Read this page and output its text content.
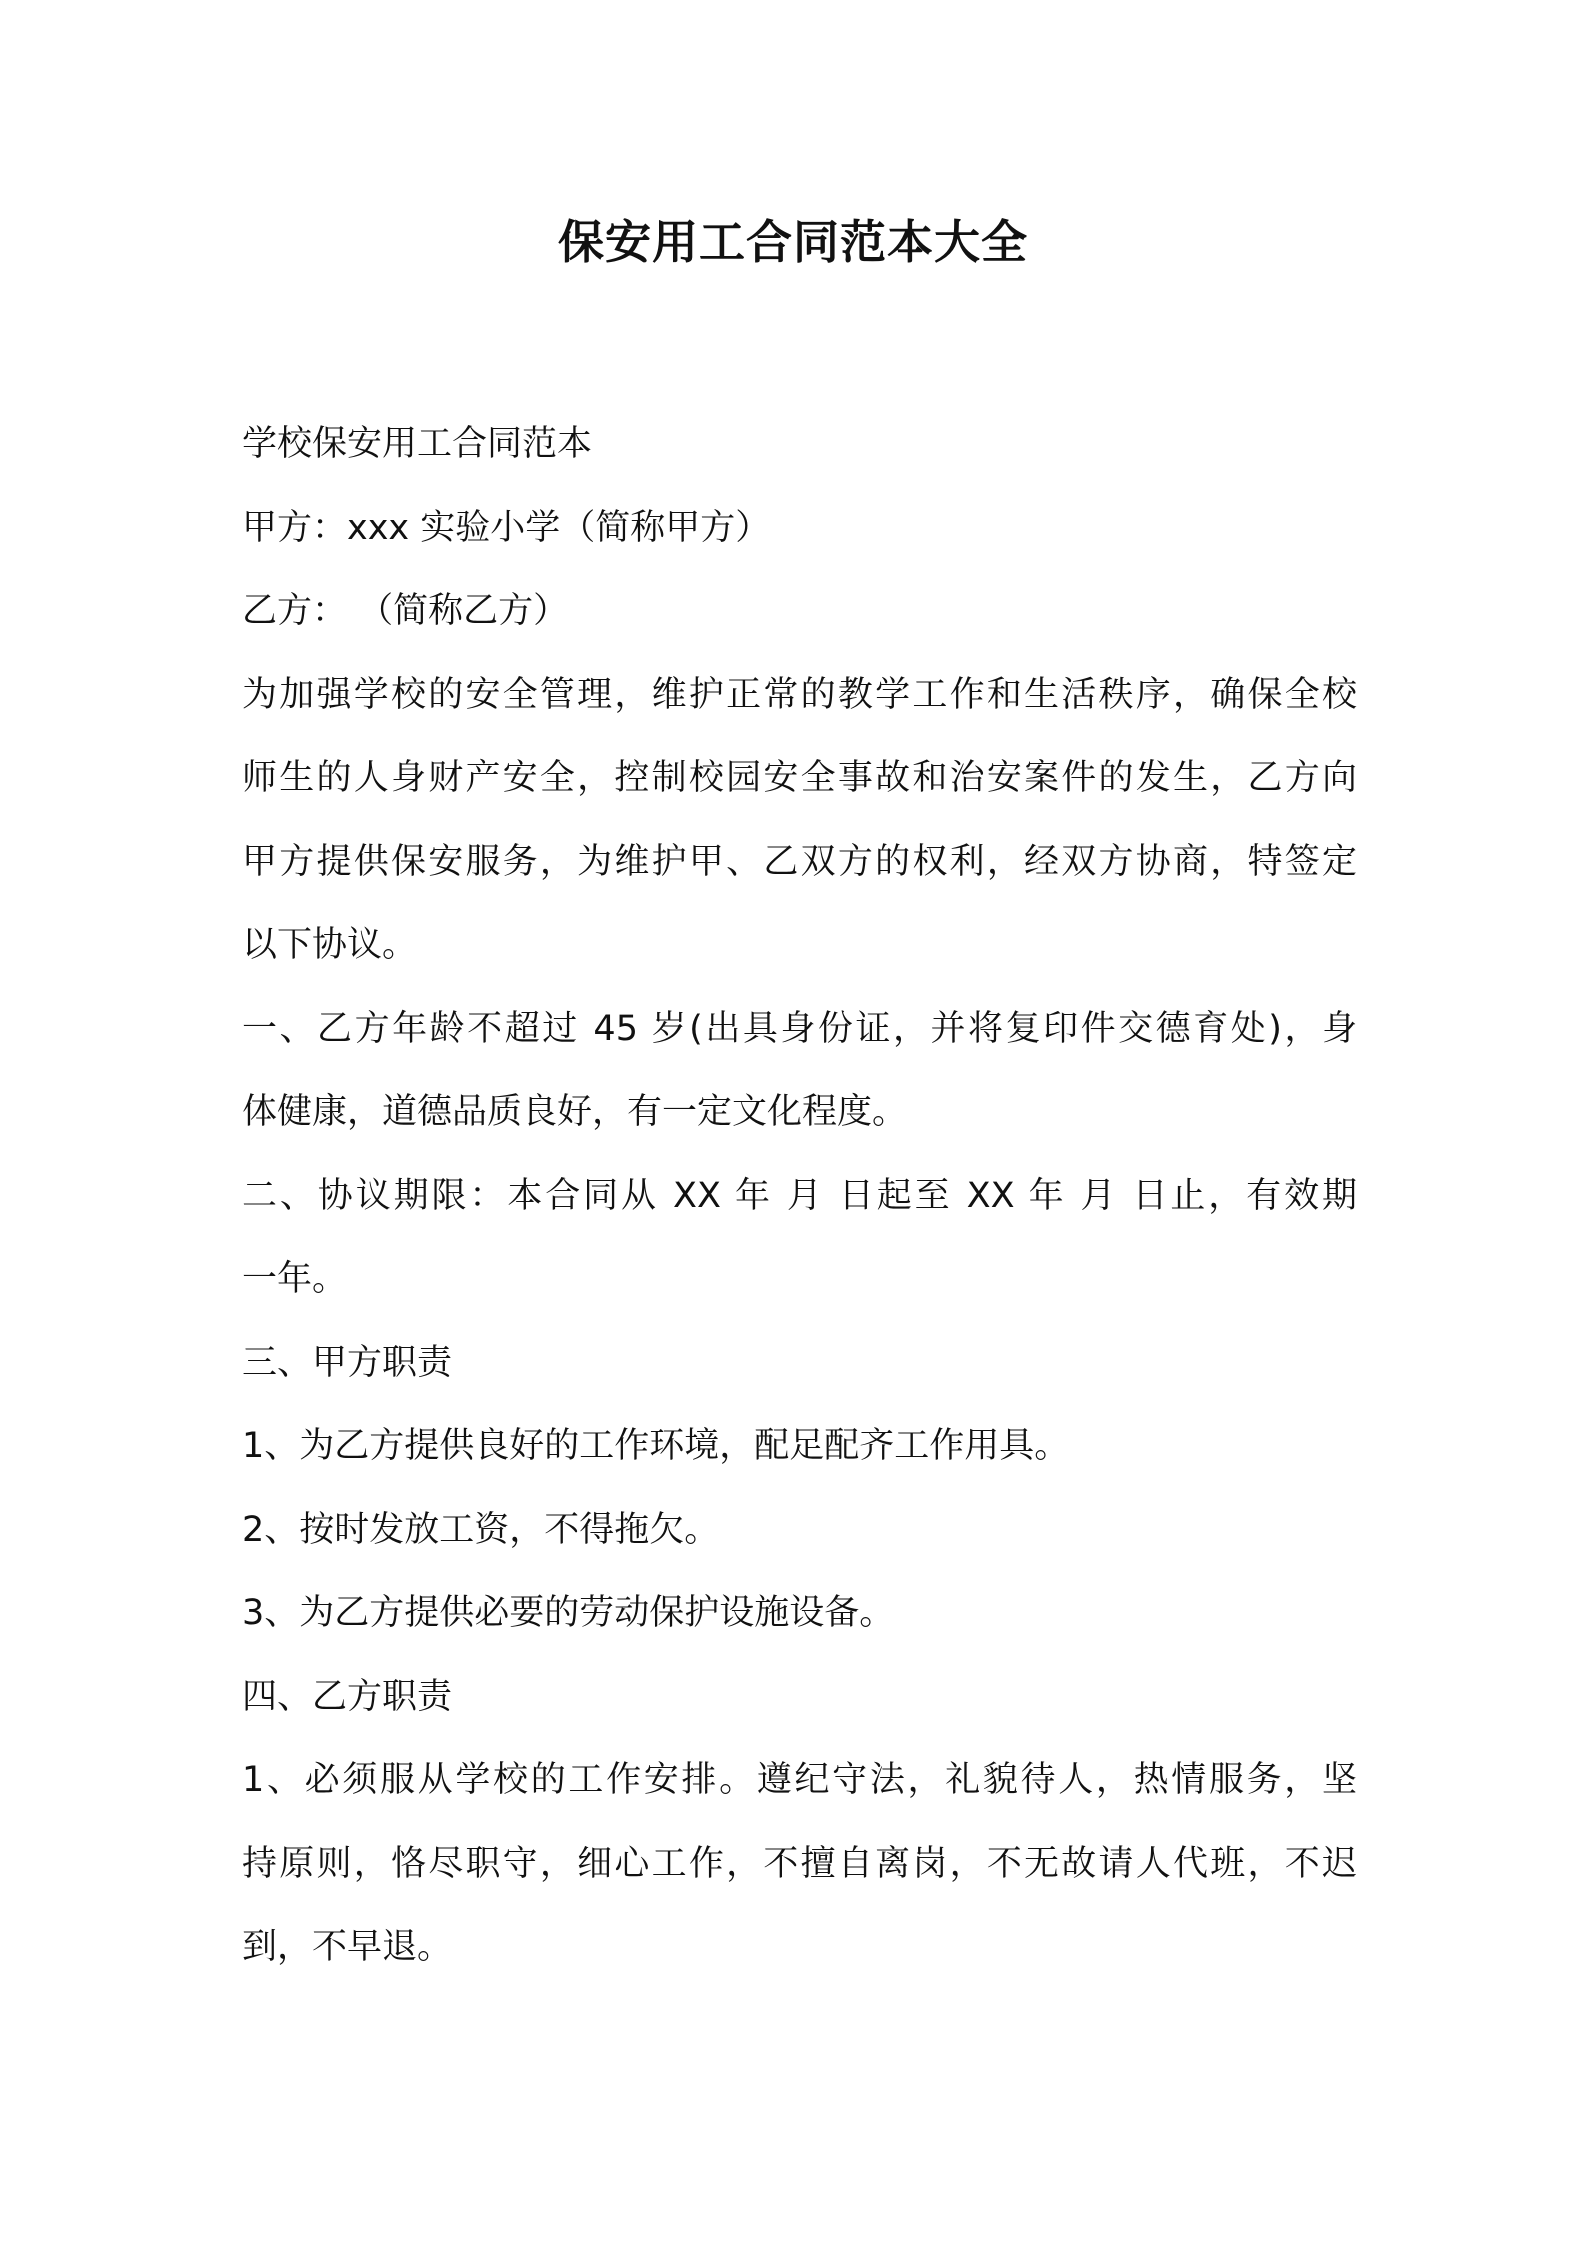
保安用工合同范本大全
学校保安用工合同范本
甲方：xxx 实验小学（简称甲方）
乙方： （简称乙方）
为加强学校的安全管理，维护正常的教学工作和生活秩序，确保全校
师生的人身财产安全，控制校园安全事故和治安案件的发生，乙方向
甲方提供保安服务，为维护甲、乙双方的权利，经双方协商，特签定
以下协议。
一、乙方年龄不超过 45 岁(出具身份证，并将复印件交德育处)，身
体健康，道德品质良好，有一定文化程度。
二、协议期限：本合同从 XX 年 月 日起至 XX 年 月 日止，有效期
一年。
三、甲方职责
1、为乙方提供良好的工作环境，配足配齐工作用具。
2、按时发放工资，不得拖欠。
3、为乙方提供必要的劳动保护设施设备。
四、乙方职责
1、必须服从学校的工作安排。遵纪守法，礼貌待人，热情服务，坚
持原则，恪尽职守，细心工作，不擅自离岗，不无故请人代班，不迟
到，不早退。
